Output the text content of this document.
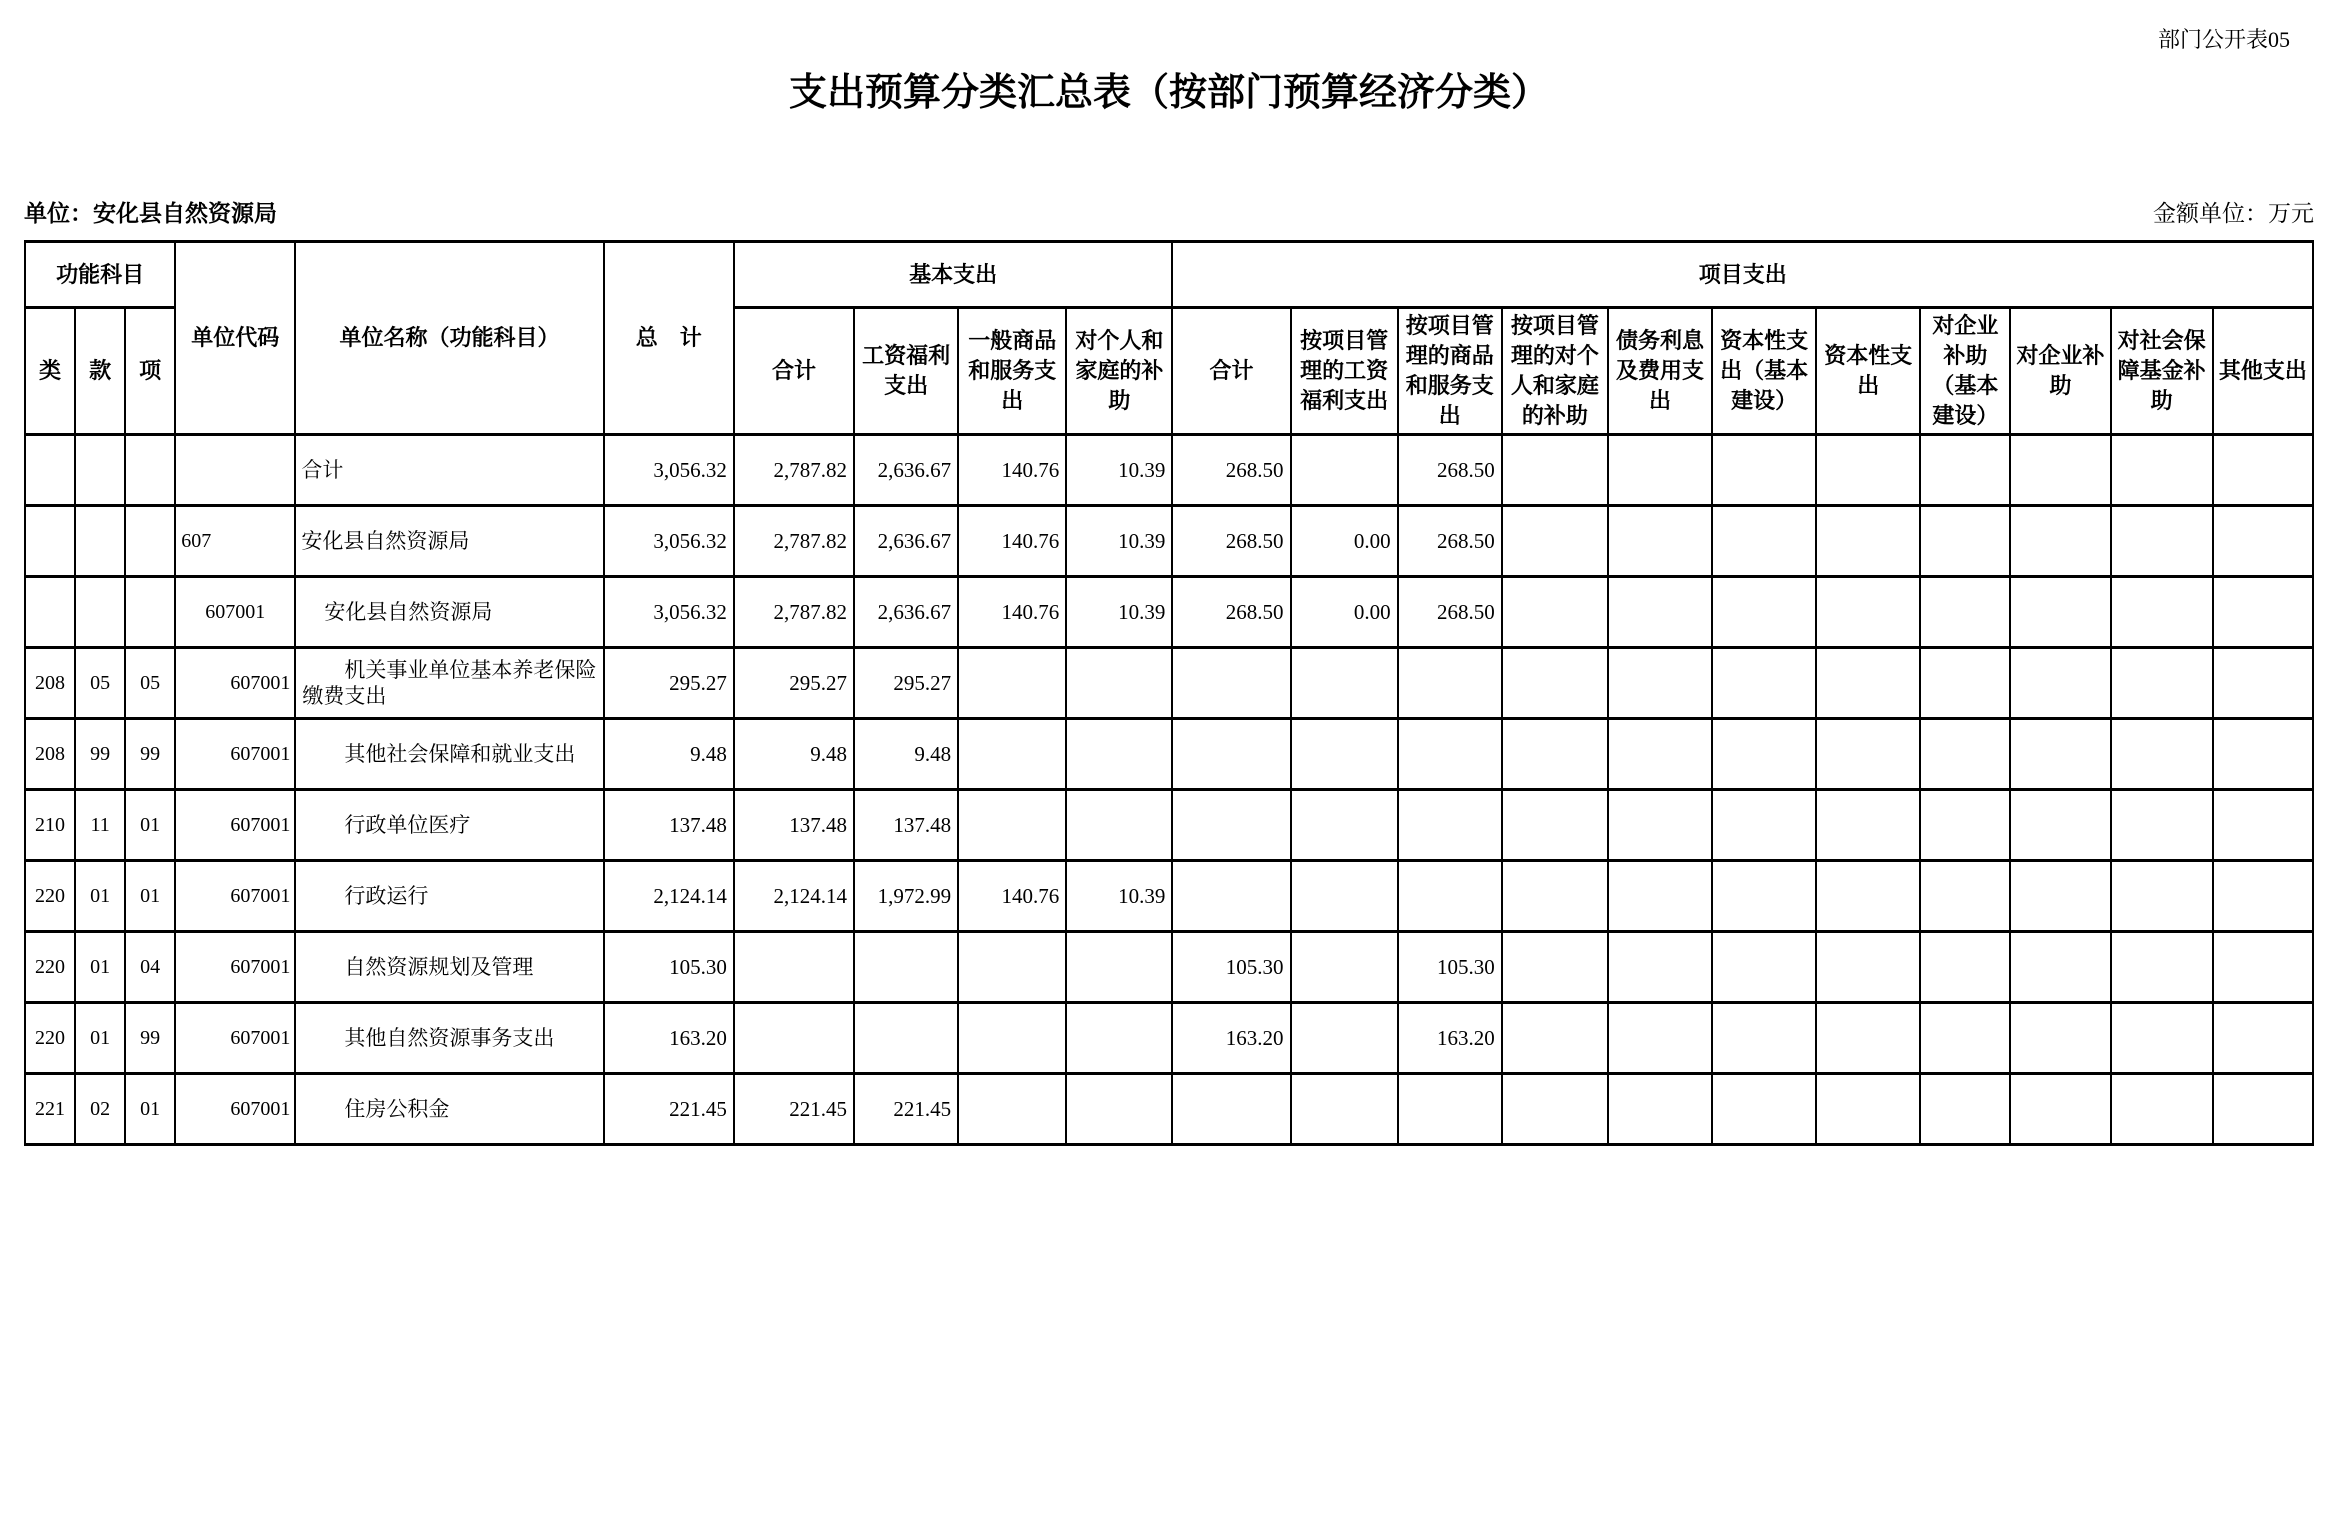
部门公开表05
支出预算分类汇总表（按部门预算经济分类）
单位：安化县自然资源局	金额单位：万元
功能科目			单位代码	单位名称（功能科目）	总　计	基本支出				项目支出										
类	款	项				合计	工资福利支出	一般商品和服务支出	对个人和家庭的补助	合计	按项目管理的工资福利支出	按项目管理的商品和服务支出	按项目管理的对个人和家庭的补助	债务利息及费用支出	资本性支出（基本建设）	资本性支出	对企业补助（基本建设）	对企业补助	对社会保障基金补助	其他支出
				合计	3,056.32	2,787.82	2,636.67	140.76	10.39	268.50		268.50								
			607	安化县自然资源局	3,056.32	2,787.82	2,636.67	140.76	10.39	268.50	0.00	268.50								
			607001	安化县自然资源局	3,056.32	2,787.82	2,636.67	140.76	10.39	268.50	0.00	268.50								
208	05	05	607001	机关事业单位基本养老保险缴费支出	295.27	295.27	295.27													
208	99	99	607001	其他社会保障和就业支出	9.48	9.48	9.48													
210	11	01	607001	行政单位医疗	137.48	137.48	137.48													
220	01	01	607001	行政运行	2,124.14	2,124.14	1,972.99	140.76	10.39											
220	01	04	607001	自然资源规划及管理	105.30					105.30		105.30								
220	01	99	607001	其他自然资源事务支出	163.20					163.20		163.20								
221	02	01	607001	住房公积金	221.45	221.45	221.45													
